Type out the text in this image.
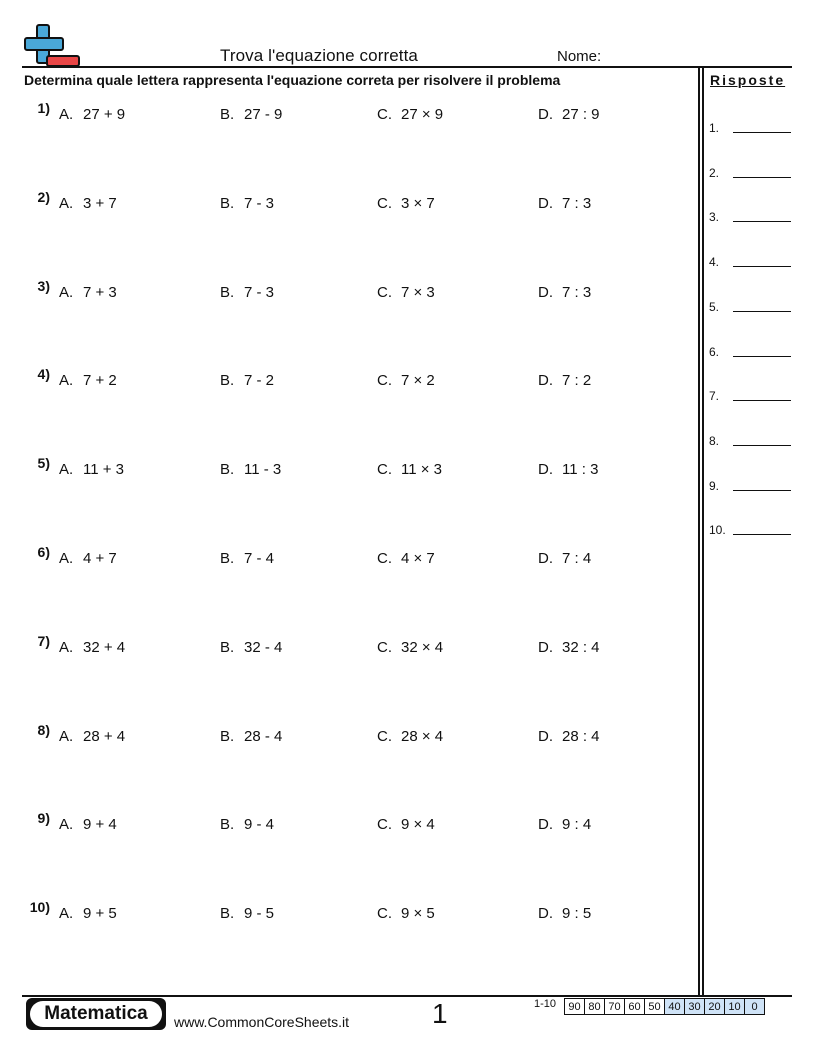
Trova l'equazione corretta	Nome:
Determina quale lettera rappresenta l'equazione correta per risolvere il problema	Risposte
1.
2.
3.
4.
5.
6.
7.
8.
9.
10.
1) A. 27 + 9	B. 27 - 9	C. 27 × 9	D. 27 : 9
2) A. 3 + 7	B. 7 - 3	C. 3 × 7	D. 7 : 3
3) A. 7 + 3	B. 7 - 3	C. 7 × 3	D. 7 : 3
4) A. 7 + 2	B. 7 - 2	C. 7 × 2	D. 7 : 2
5) A. 11 + 3	B. 11 - 3	C. 11 × 3	D. 11 : 3
6) A. 4 + 7	B. 7 - 4	C. 4 × 7	D. 7 : 4
7) A. 32 + 4	B. 32 - 4	C. 32 × 4	D. 32 : 4
8) A. 28 + 4	B. 28 - 4	C. 28 × 4	D. 28 : 4
9) A. 9 + 4	B. 9 - 4	C. 9 × 4	D. 9 : 4
10) A. 9 + 5	B. 9 - 5	C. 9 × 5	D. 9 : 5
Matematica	www.CommonCoreSheets.it	1	1-10	90 80 70 60 50 40 30 20 10 0
